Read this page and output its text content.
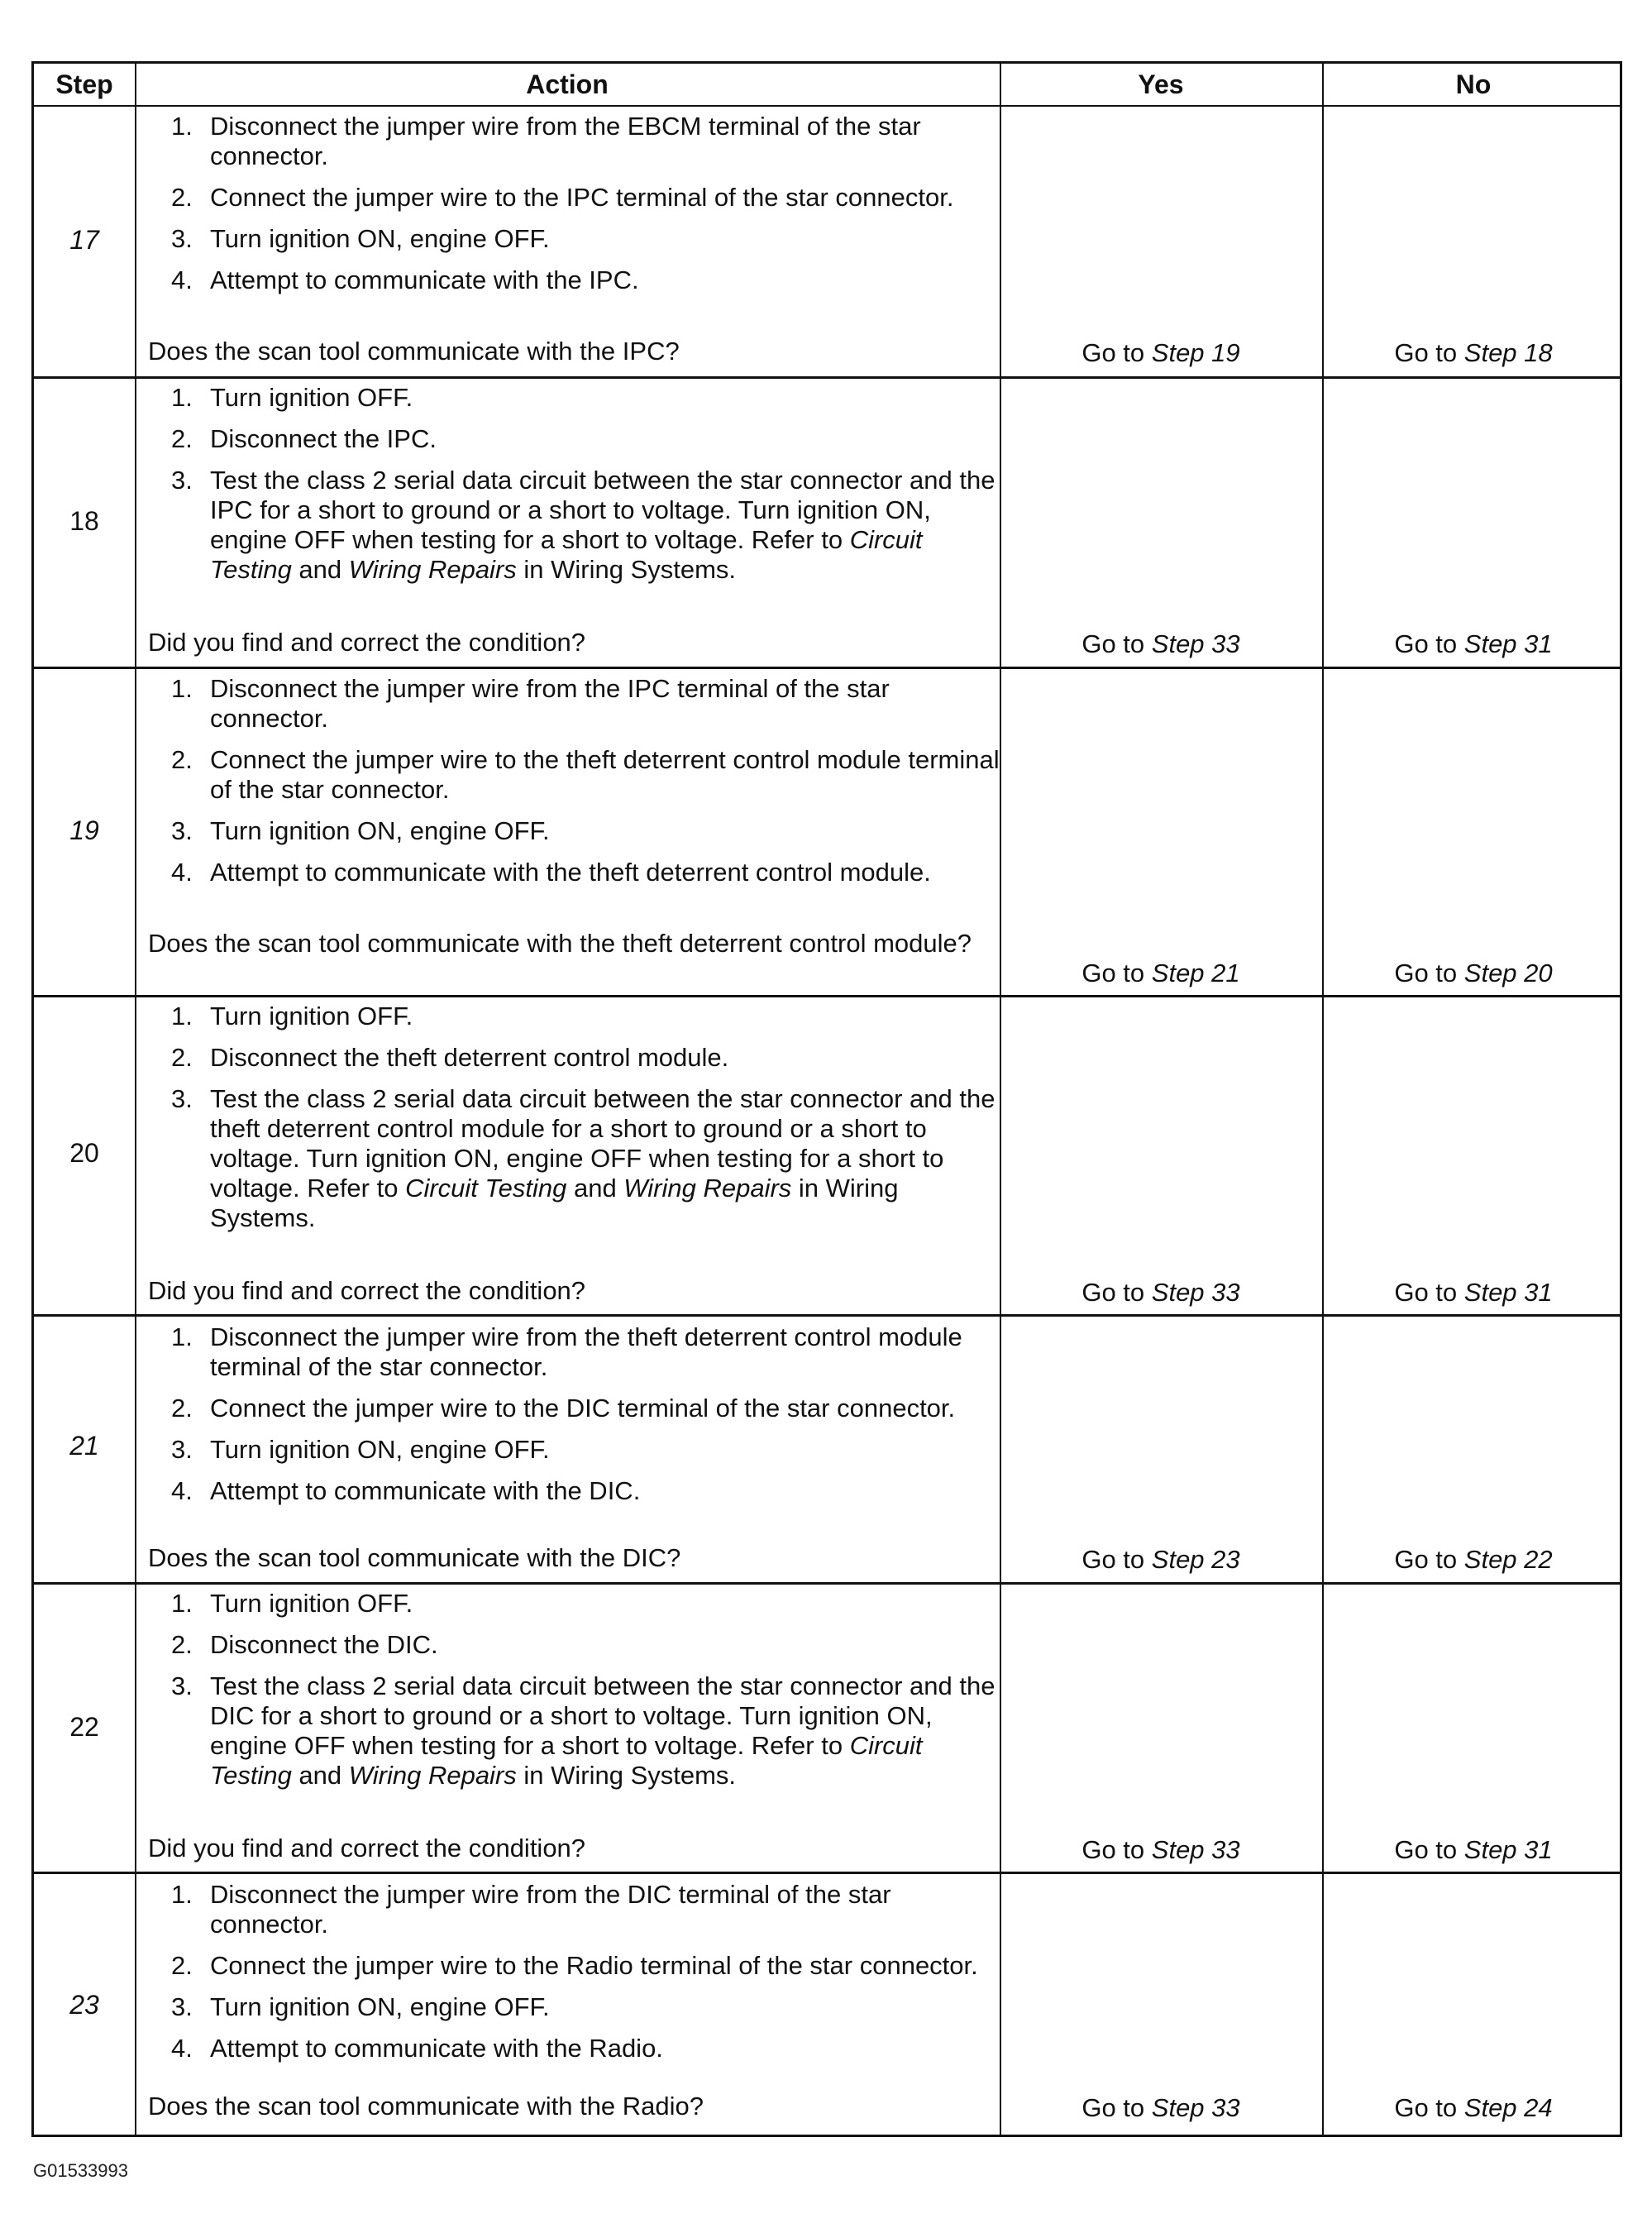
Step	Action	Yes	No
17
1. Disconnect the jumper wire from the EBCM terminal of the star connector.
2. Connect the jumper wire to the IPC terminal of the star connector.
3. Turn ignition ON, engine OFF.
4. Attempt to communicate with the IPC.
Does the scan tool communicate with the IPC?	Go to Step 19	Go to Step 18
18
1. Turn ignition OFF.
2. Disconnect the IPC.
3. Test the class 2 serial data circuit between the star connector and the IPC for a short to ground or a short to voltage. Turn ignition ON, engine OFF when testing for a short to voltage. Refer to Circuit Testing and Wiring Repairs in Wiring Systems.
Did you find and correct the condition?	Go to Step 33	Go to Step 31
19
1. Disconnect the jumper wire from the IPC terminal of the star connector.
2. Connect the jumper wire to the theft deterrent control module terminal of the star connector.
3. Turn ignition ON, engine OFF.
4. Attempt to communicate with the theft deterrent control module.
Does the scan tool communicate with the theft deterrent control module?
Go to Step 21	Go to Step 20
20
1. Turn ignition OFF.
2. Disconnect the theft deterrent control module.
3. Test the class 2 serial data circuit between the star connector and the theft deterrent control module for a short to ground or a short to voltage. Turn ignition ON, engine OFF when testing for a short to voltage. Refer to Circuit Testing and Wiring Repairs in Wiring Systems.
Did you find and correct the condition?	Go to Step 33	Go to Step 31
21
1. Disconnect the jumper wire from the theft deterrent control module terminal of the star connector.
2. Connect the jumper wire to the DIC terminal of the star connector.
3. Turn ignition ON, engine OFF.
4. Attempt to communicate with the DIC.
Does the scan tool communicate with the DIC?	Go to Step 23	Go to Step 22
22
1. Turn ignition OFF.
2. Disconnect the DIC.
3. Test the class 2 serial data circuit between the star connector and the DIC for a short to ground or a short to voltage. Turn ignition ON, engine OFF when testing for a short to voltage. Refer to Circuit Testing and Wiring Repairs in Wiring Systems.
Did you find and correct the condition?	Go to Step 33	Go to Step 31
23
1. Disconnect the jumper wire from the DIC terminal of the star connector.
2. Connect the jumper wire to the Radio terminal of the star connector.
3. Turn ignition ON, engine OFF.
4. Attempt to communicate with the Radio.
Does the scan tool communicate with the Radio?	Go to Step 33	Go to Step 24
G01533993
